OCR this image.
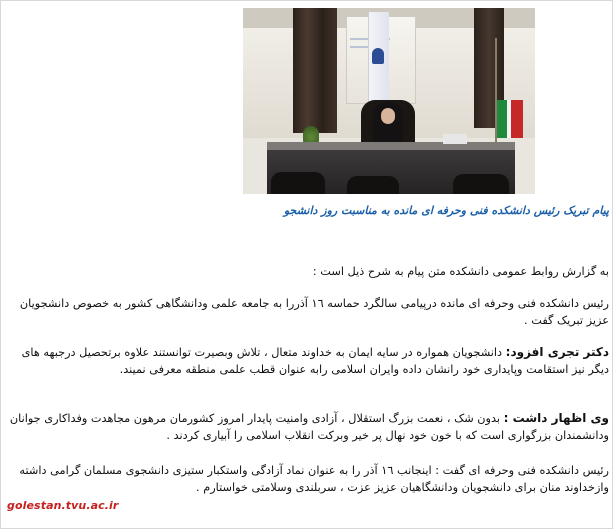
پیام تبریک رئیس دانشکده فنی وحرفه ای مانده به مناسبت روز دانشجو

به گزارش روابط عمومی دانشکده متن پیام به شرح ذیل است :

رئیس دانشکده فنی وحرفه ای مانده درپیامی سالگرد حماسه ١٦ آذررا به جامعه علمی ودانشگاهی کشور به خصوص دانشجویان عزیز تبریک گفت .

دکتر تجری افزود: دانشجویان همواره در سایه ایمان به خداوند متعال ، تلاش وبصیرت توانستند علاوه برتحصیل درجبهه های دیگر نیز استقامت وپایداری خود رانشان داده وایران اسلامی رابه عنوان قطب علمی منطقه معرفی نمیند.

وی اظهار داشت : بدون شک ، نعمت بزرگ استقلال ، آزادی وامنیت پایدار امروز کشورمان مرهون مجاهدت وفداکاری جوانان ودانشمندان بزرگواری است که با خون خود نهال پر خیر وبرکت انقلاب اسلامی را آبیاری کردند .

رئیس دانشکده فنی وحرفه ای گفت : اینجانب ١٦ آذر را به عنوان نماد آزادگی واستکبار ستیزی دانشجوی مسلمان گرامی داشته وازخداوند منان برای دانشجویان ودانشگاهیان عزیز عزت ، سربلندی وسلامتی خواستارم .

golestan.tvu.ac.ir
